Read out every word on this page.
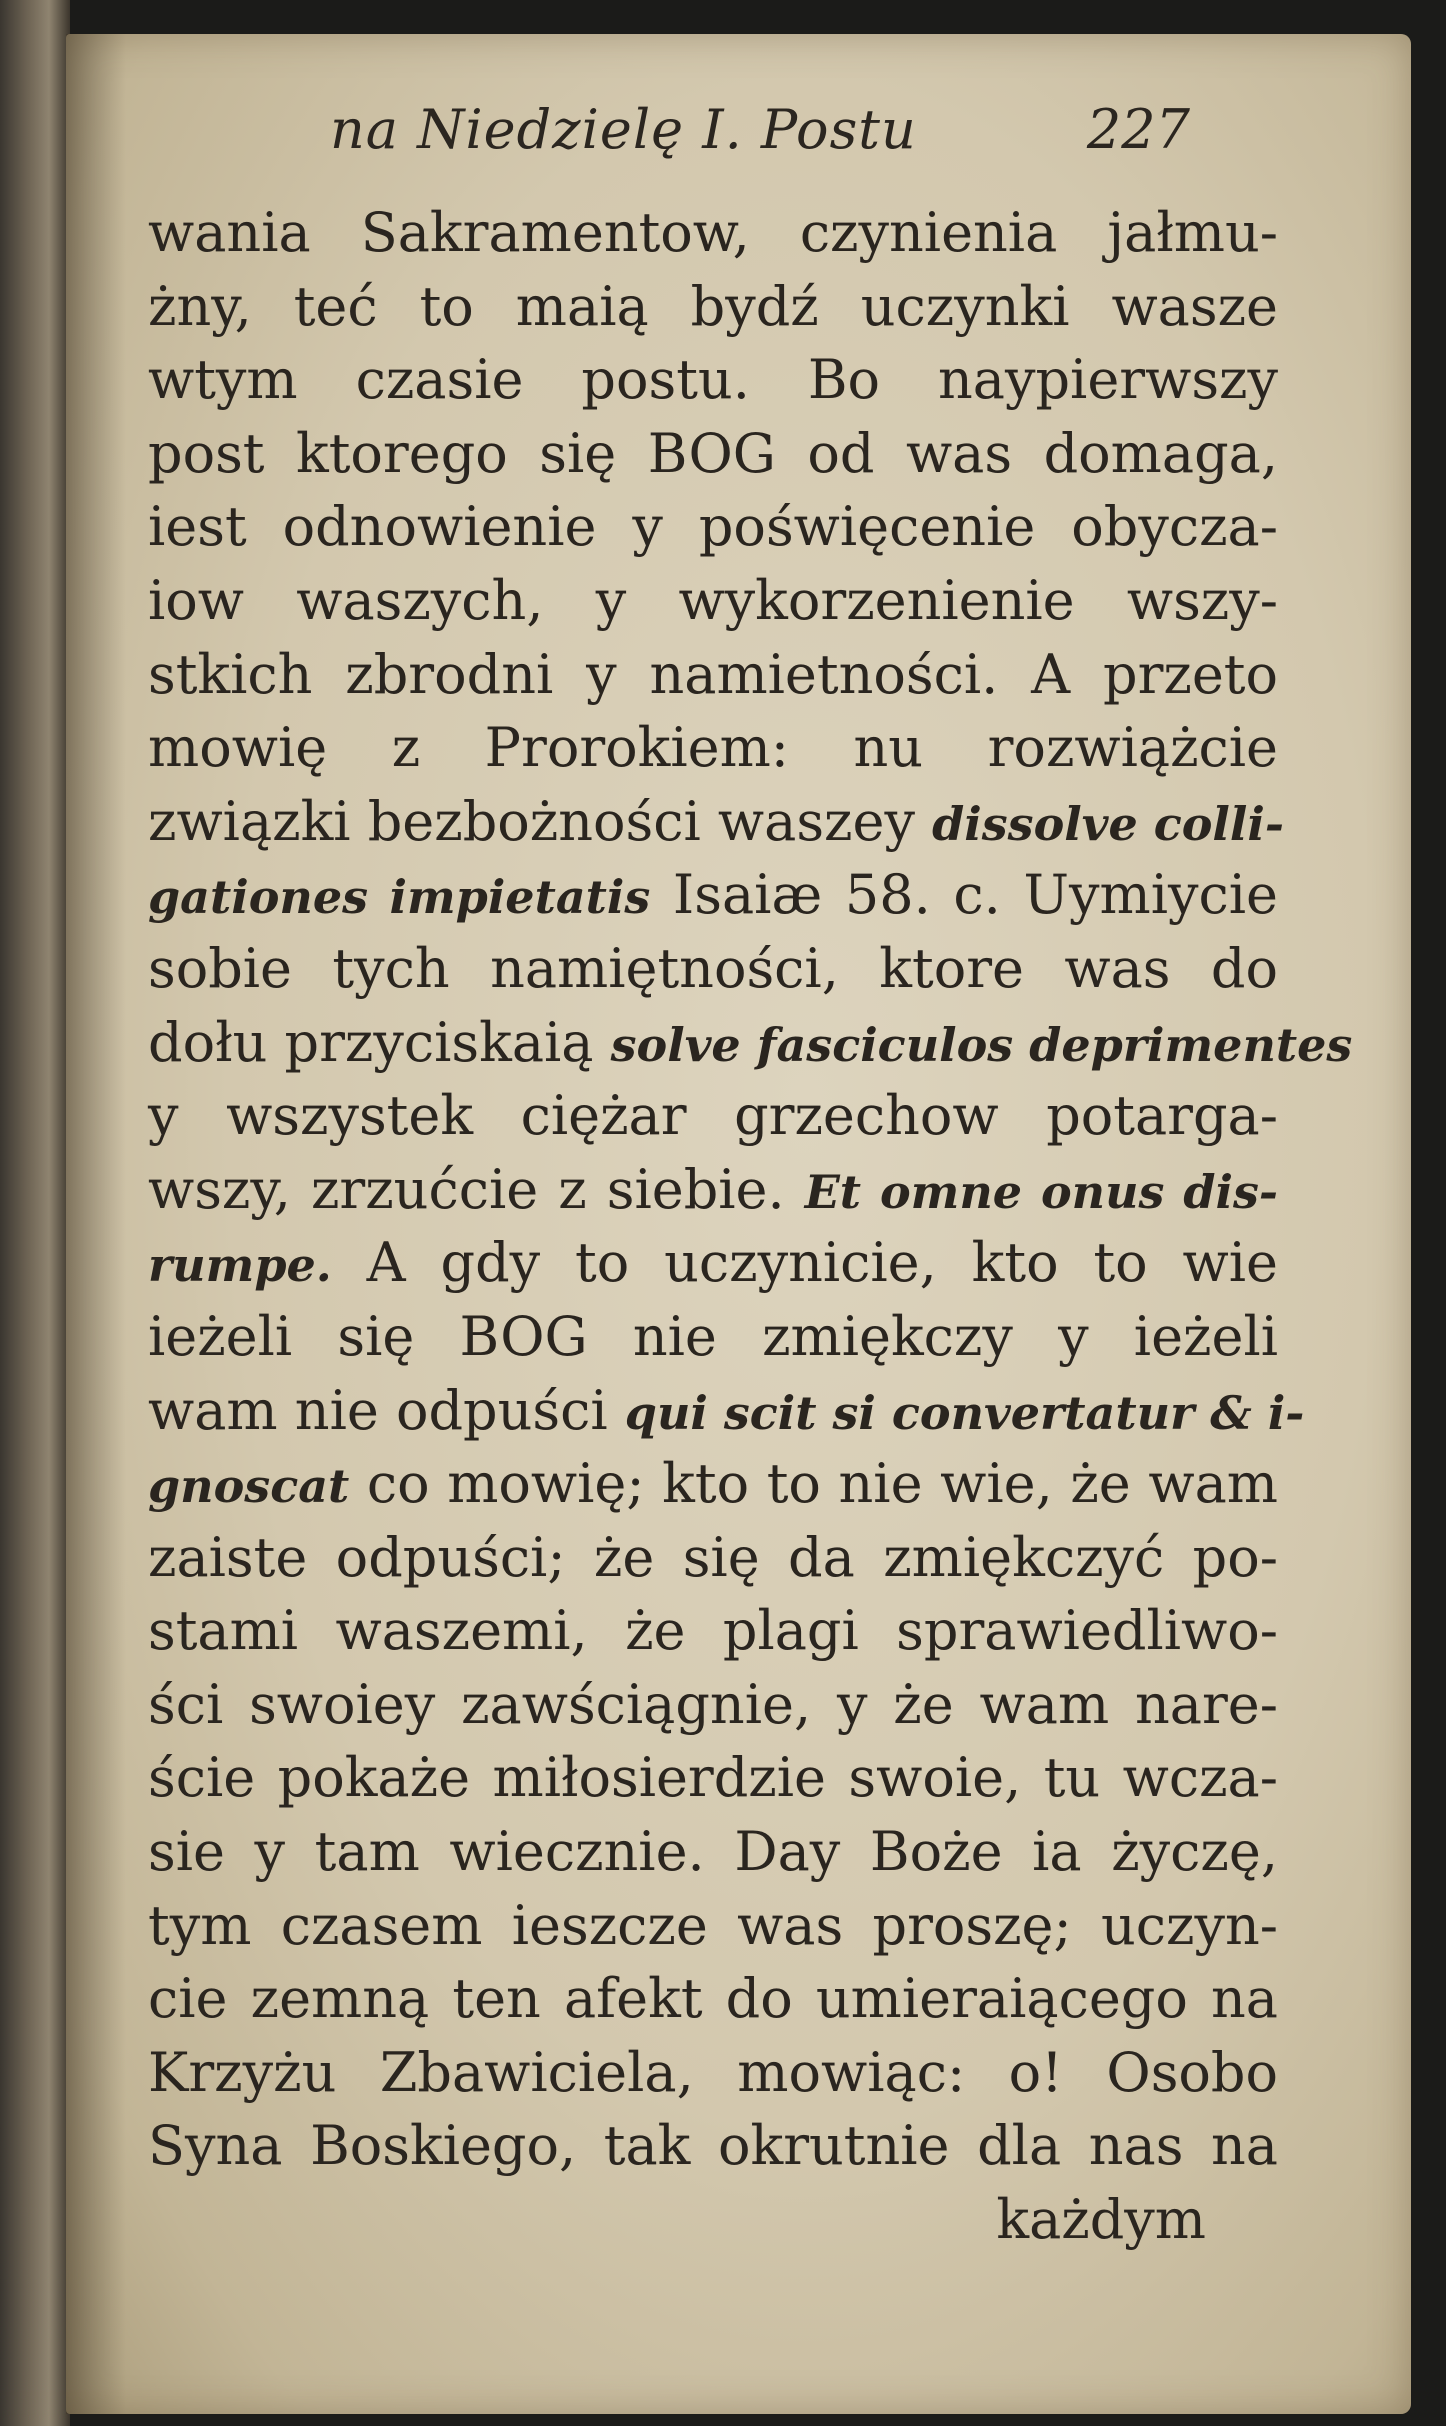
na Niedzielę I. Postu	227
wania Sakramentow, czynienia jałmu-
żny, teć to maią bydź uczynki wasze
wtym czasie postu. Bo naypierwszy
post ktorego się BOG od was domaga,
iest odnowienie y poświęcenie obycza-
iow waszych, y wykorzenienie wszy-
stkich zbrodni y namietności. A przeto
mowię z Prorokiem: nu rozwiążcie
związki bezbożności waszey dissolve colli-
gationes impietatis Isaiæ 58. c. Uymiycie
sobie tych namiętności, ktore was do
dołu przyciskaią solve fasciculos deprimentes
y wszystek ciężar grzechow potarga-
wszy, zrzućcie z siebie. Et omne onus dis-
rumpe. A gdy to uczynicie, kto to wie
ieżeli się BOG nie zmiękczy y ieżeli
wam nie odpuści qui scit si convertatur & i-
gnoscat co mowię; kto to nie wie, że wam
zaiste odpuści; że się da zmiękczyć po-
stami waszemi, że plagi sprawiedliwo-
ści swoiey zawściągnie, y że wam nare-
ście pokaże miłosierdzie swoie, tu wcza-
sie y tam wiecznie. Day Boże ia życzę,
tym czasem ieszcze was proszę; uczyn-
cie zemną ten afekt do umieraiącego na
Krzyżu Zbawiciela, mowiąc: o! Osobo
Syna Boskiego, tak okrutnie dla nas na
każdym
